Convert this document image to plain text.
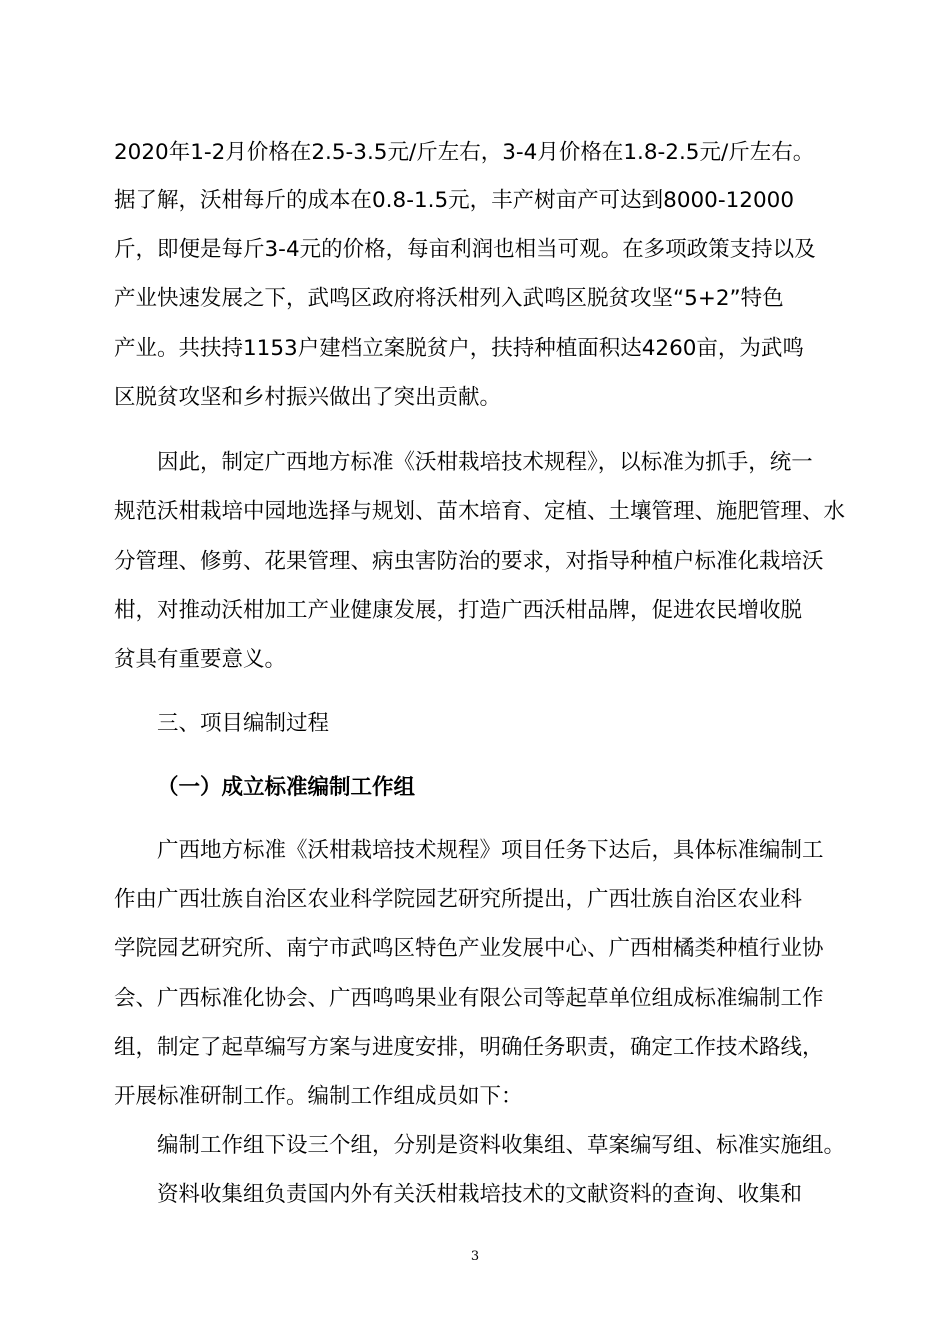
2020年1-2月价格在2.5-3.5元/斤左右，3-4月价格在1.8-2.5元/斤左右。
据了解，沃柑每斤的成本在0.8-1.5元，丰产树亩产可达到8000-12000
斤，即便是每斤3-4元的价格，每亩利润也相当可观。在多项政策支持以及
产业快速发展之下，武鸣区政府将沃柑列入武鸣区脱贫攻坚“5+2”特色
产业。共扶持1153户建档立案脱贫户，扶持种植面积达4260亩，为武鸣
区脱贫攻坚和乡村振兴做出了突出贡献。
因此，制定广西地方标准《沃柑栽培技术规程》，以标准为抓手，统一
规范沃柑栽培中园地选择与规划、苗木培育、定植、土壤管理、施肥管理、水
分管理、修剪、花果管理、病虫害防治的要求，对指导种植户标准化栽培沃
柑，对推动沃柑加工产业健康发展，打造广西沃柑品牌，促进农民增收脱
贫具有重要意义。
三、项目编制过程
（一）成立标准编制工作组
广西地方标准《沃柑栽培技术规程》项目任务下达后，具体标准编制工
作由广西壮族自治区农业科学院园艺研究所提出，广西壮族自治区农业科
学院园艺研究所、南宁市武鸣区特色产业发展中心、广西柑橘类种植行业协
会、广西标准化协会、广西鸣鸣果业有限公司等起草单位组成标准编制工作
组，制定了起草编写方案与进度安排，明确任务职责，确定工作技术路线，
开展标准研制工作。编制工作组成员如下：
编制工作组下设三个组，分别是资料收集组、草案编写组、标准实施组。
资料收集组负责国内外有关沃柑栽培技术的文献资料的查询、收集和
3
